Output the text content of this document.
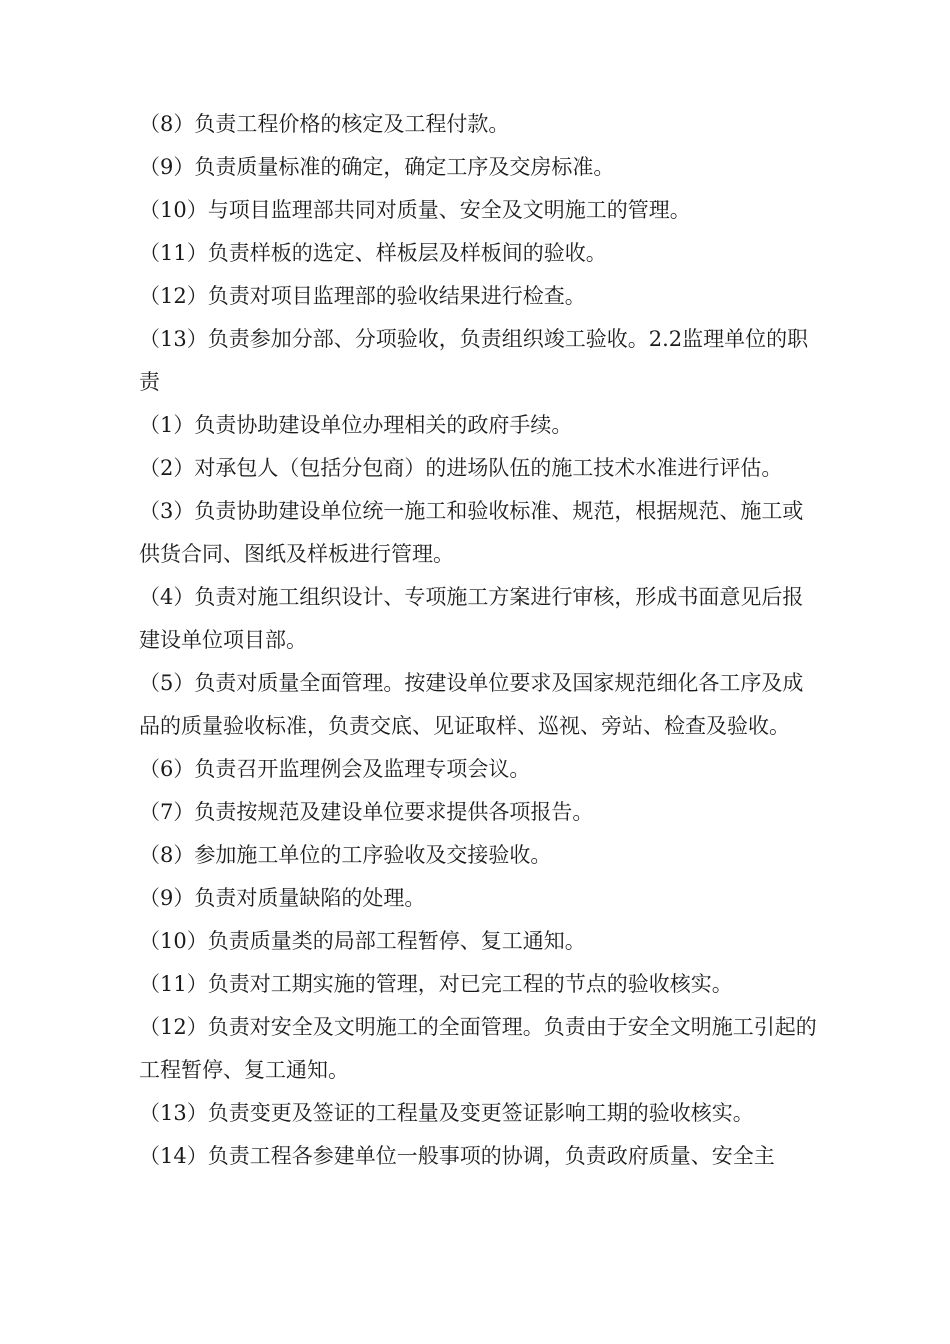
（8）负责工程价格的核定及工程付款。

（9）负责质量标准的确定，确定工序及交房标准。

（10）与项目监理部共同对质量、安全及文明施工的管理。

（11）负责样板的选定、样板层及样板间的验收。

（12）负责对项目监理部的验收结果进行检查。

（13）负责参加分部、分项验收，负责组织竣工验收。2.2监理单位的职责

（1）负责协助建设单位办理相关的政府手续。

（2）对承包人（包括分包商）的进场队伍的施工技术水准进行评估。

（3）负责协助建设单位统一施工和验收标准、规范，根据规范、施工或供货合同、图纸及样板进行管理。

（4）负责对施工组织设计、专项施工方案进行审核，形成书面意见后报建设单位项目部。

（5）负责对质量全面管理。按建设单位要求及国家规范细化各工序及成品的质量验收标准，负责交底、见证取样、巡视、旁站、检查及验收。

（6）负责召开监理例会及监理专项会议。

（7）负责按规范及建设单位要求提供各项报告。

（8）参加施工单位的工序验收及交接验收。

（9）负责对质量缺陷的处理。

（10）负责质量类的局部工程暂停、复工通知。

（11）负责对工期实施的管理，对已完工程的节点的验收核实。

（12）负责对安全及文明施工的全面管理。负责由于安全文明施工引起的工程暂停、复工通知。

（13）负责变更及签证的工程量及变更签证影响工期的验收核实。

（14）负责工程各参建单位一般事项的协调，负责政府质量、安全主
